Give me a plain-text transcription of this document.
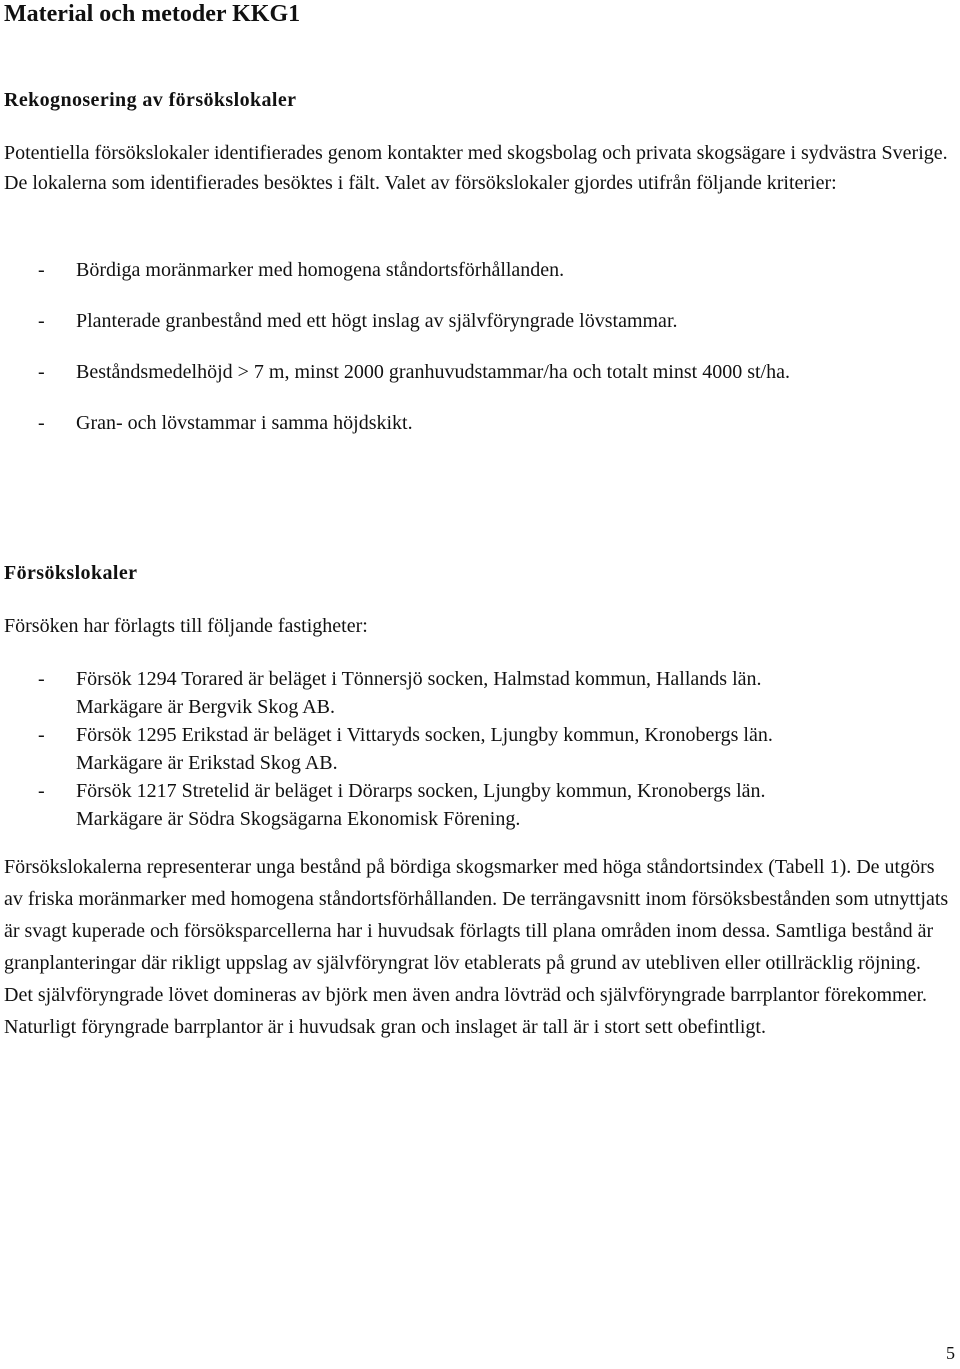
Material och metoder KKG1
Rekognosering av försökslokaler

Potentiella försökslokaler identifierades genom kontakter med skogsbolag och privata skogsägare i sydvästra Sverige. De lokalerna som identifierades besöktes i fält. Valet av försökslokaler gjordes utifrån följande kriterier:

- Bördiga moränmarker med homogena ståndortsförhållanden.
- Planterade granbestånd med ett högt inslag av självföryngrade lövstammar.
- Beståndsmedelhöjd > 7 m, minst 2000 granhuvudstammar/ha och totalt minst 4000 st/ha.
- Gran- och lövstammar i samma höjdskikt.
Försökslokaler

Försöken har förlagts till följande fastigheter:

- Försök 1294 Torared är beläget i Tönnersjö socken, Halmstad kommun, Hallands län.
Markägare är Bergvik Skog AB.
- Försök 1295 Erikstad är beläget i Vittaryds socken, Ljungby kommun, Kronobergs län.
Markägare är Erikstad Skog AB.
- Försök 1217 Stretelid är beläget i Dörarps socken, Ljungby kommun, Kronobergs län.
Markägare är Södra Skogsägarna Ekonomisk Förening.

Försökslokalerna representerar unga bestånd på bördiga skogsmarker med höga ståndortsindex (Tabell 1). De utgörs av friska moränmarker med homogena ståndortsförhållanden. De terrängavsnitt inom försöksbestånden som utnyttjats är svagt kuperade och försöksparcellerna har i huvudsak förlagts till plana områden inom dessa. Samtliga bestånd är granplanteringar där rikligt uppslag av självföryngrat löv etablerats på grund av utebliven eller otillräcklig röjning. Det självföryngrade lövet domineras av björk men även andra lövträd och självföryngrade barrplantor förekommer. Naturligt föryngrade barrplantor är i huvudsak gran och inslaget är tall är i stort sett obefintligt.

5
